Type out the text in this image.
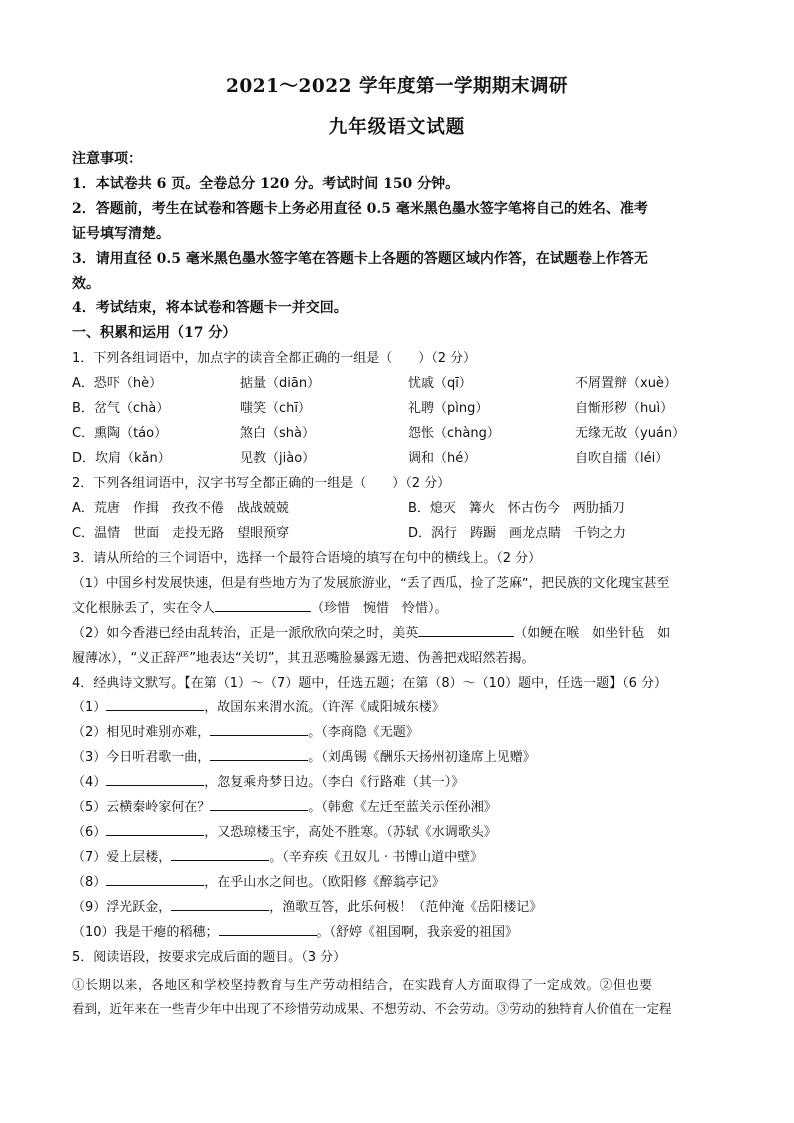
2021～2022 学年度第一学期期末调研
九年级语文试题
注意事项：
1．本试卷共 6 页。全卷总分 120 分。考试时间 150 分钟。
2．答题前，考生在试卷和答题卡上务必用直径 0.5 毫米黑色墨水签字笔将自己的姓名、准考
证号填写清楚。
3．请用直径 0.5 毫米黑色墨水签字笔在答题卡上各题的答题区域内作答，在试题卷上作答无
效。
4．考试结束，将本试卷和答题卡一并交回。
一、积累和运用（17 分）
1．下列各组词语中，加点字的读音全都正确的一组是（　　）（2 分）
A．恐吓（hè）	掂量（diān）	忧戚（qī）	不屑置辩（xuè）
B．岔气（chà）	嗤笑（chī）	礼聘（pìng）	自惭形秽（huì）
C．熏陶（táo）	煞白（shà）	怨怅（chàng）	无缘无故（yuán）
D．坎肩（kǎn）	见教（jiào）	调和（hé）	自吹自擂（léi）
2．下列各组词语中，汉字书写全都正确的一组是（　　）（2 分）
A．荒唐　作揖　孜孜不倦　战战兢兢	B．熄灭　篝火　怀古伤今　两肋插刀
C．温情　世面　走投无路　望眼预穿	D．涡行　踌蹰　画龙点睛　千钧之力
3．请从所给的三个词语中，选择一个最符合语境的填写在句中的横线上。（2 分）
（1）中国乡村发展快速，但是有些地方为了发展旅游业，“丢了西瓜，捡了芝麻”，把民族的文化瑰宝甚至
文化根脉丢了，实在令人	（珍惜　惋惜　怜惜）。
（2）如今香港已经由乱转治，正是一派欣欣向荣之时，美英	（如鲠在喉　如坐针毡　如
履薄冰），“义正辞严”地表达“关切”，其丑恶嘴脸暴露无遗、伪善把戏昭然若揭。
4．经典诗文默写。【在第（1）～（7）题中，任选五题；在第（8）～（10）题中，任选一题】（6 分）
（1）	，故国东来渭水流。（许浑《咸阳城东楼》
（2）相见时难别亦难，	。（李商隐《无题》
（3）今日听君歌一曲，	。（刘禹锡《酬乐天扬州初逢席上见赠》
（4）	，忽复乘舟梦日边。（李白《行路难（其一）》
（5）云横秦岭家何在？	。（韩愈《左迁至蓝关示侄孙湘》
（6）	，又恐琼楼玉宇，高处不胜寒。（苏轼《水调歌头》
（7）爱上层楼，	。（辛弃疾《丑奴儿 · 书博山道中壁》
（8）	，在乎山水之间也。（欧阳修《醉翁亭记》
（9）浮光跃金，	，渔歌互答，此乐何极！（范仲淹《岳阳楼记》
（10）我是干瘪的稻穗；	。（舒婷《祖国啊，我亲爱的祖国》
5．阅读语段，按要求完成后面的题目。（3 分）
①长期以来，各地区和学校坚持教育与生产劳动相结合，在实践育人方面取得了一定成效。②但也要
看到，近年来在一些青少年中出现了不珍惜劳动成果、不想劳动、不会劳动。③劳动的独特育人价值在一定程
